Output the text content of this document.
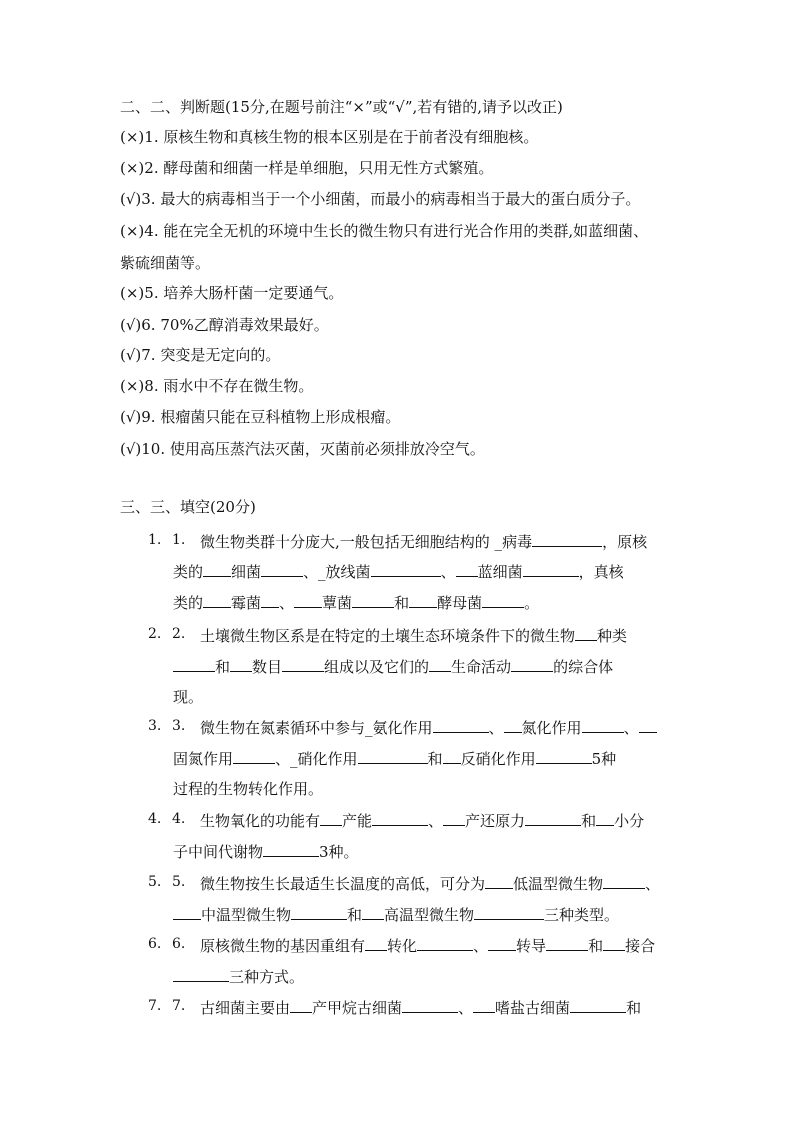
二、二、判断题(15分,在题号前注“×”或“√”,若有错的,请予以改正)
(×)1. 原核生物和真核生物的根本区别是在于前者没有细胞核。
(×)2. 酵母菌和细菌一样是单细胞，只用无性方式繁殖。
(√)3. 最大的病毒相当于一个小细菌，而最小的病毒相当于最大的蛋白质分子。
(×)4. 能在完全无机的环境中生长的微生物只有进行光合作用的类群,如蓝细菌、
紫硫细菌等。
(×)5. 培养大肠杆菌一定要通气。
(√)6. 70%乙醇消毒效果最好。
(√)7. 突变是无定向的。
(×)8. 雨水中不存在微生物。
(√)9. 根瘤菌只能在豆科植物上形成根瘤。
(√)10. 使用高压蒸汽法灭菌，灭菌前必须排放冷空气。
三、三、填空(20分)
1. 1. 微生物类群十分庞大,一般包括无细胞结构的 _病毒	，原核
类的 细菌	、_放线菌	、 蓝细菌	，真核
类的 霉菌 、 蕈菌	和 酵母菌	。
2. 2. 土壤微生物区系是在特定的土壤生态环境条件下的微生物 种类
和 数目	组成以及它们的 生命活动	的综合体
现。
3. 3. 微生物在氮素循环中参与_氨化作用	、 氮化作用	、
固氮作用	、_硝化作用	和 反硝化作用	5种
过程的生物转化作用。
4. 4. 生物氧化的功能有 产能	、 产还原力	和 小分
子中间代谢物	3种。
5. 5. 微生物按生长最适生长温度的高低，可分为 低温型微生物	、
中温型微生物	和 高温型微生物	三种类型。
6. 6. 原核微生物的基因重组有 转化	、 转导	和 接合
三种方式。
7. 7. 古细菌主要由 产甲烷古细菌	、 嗜盐古细菌	和
